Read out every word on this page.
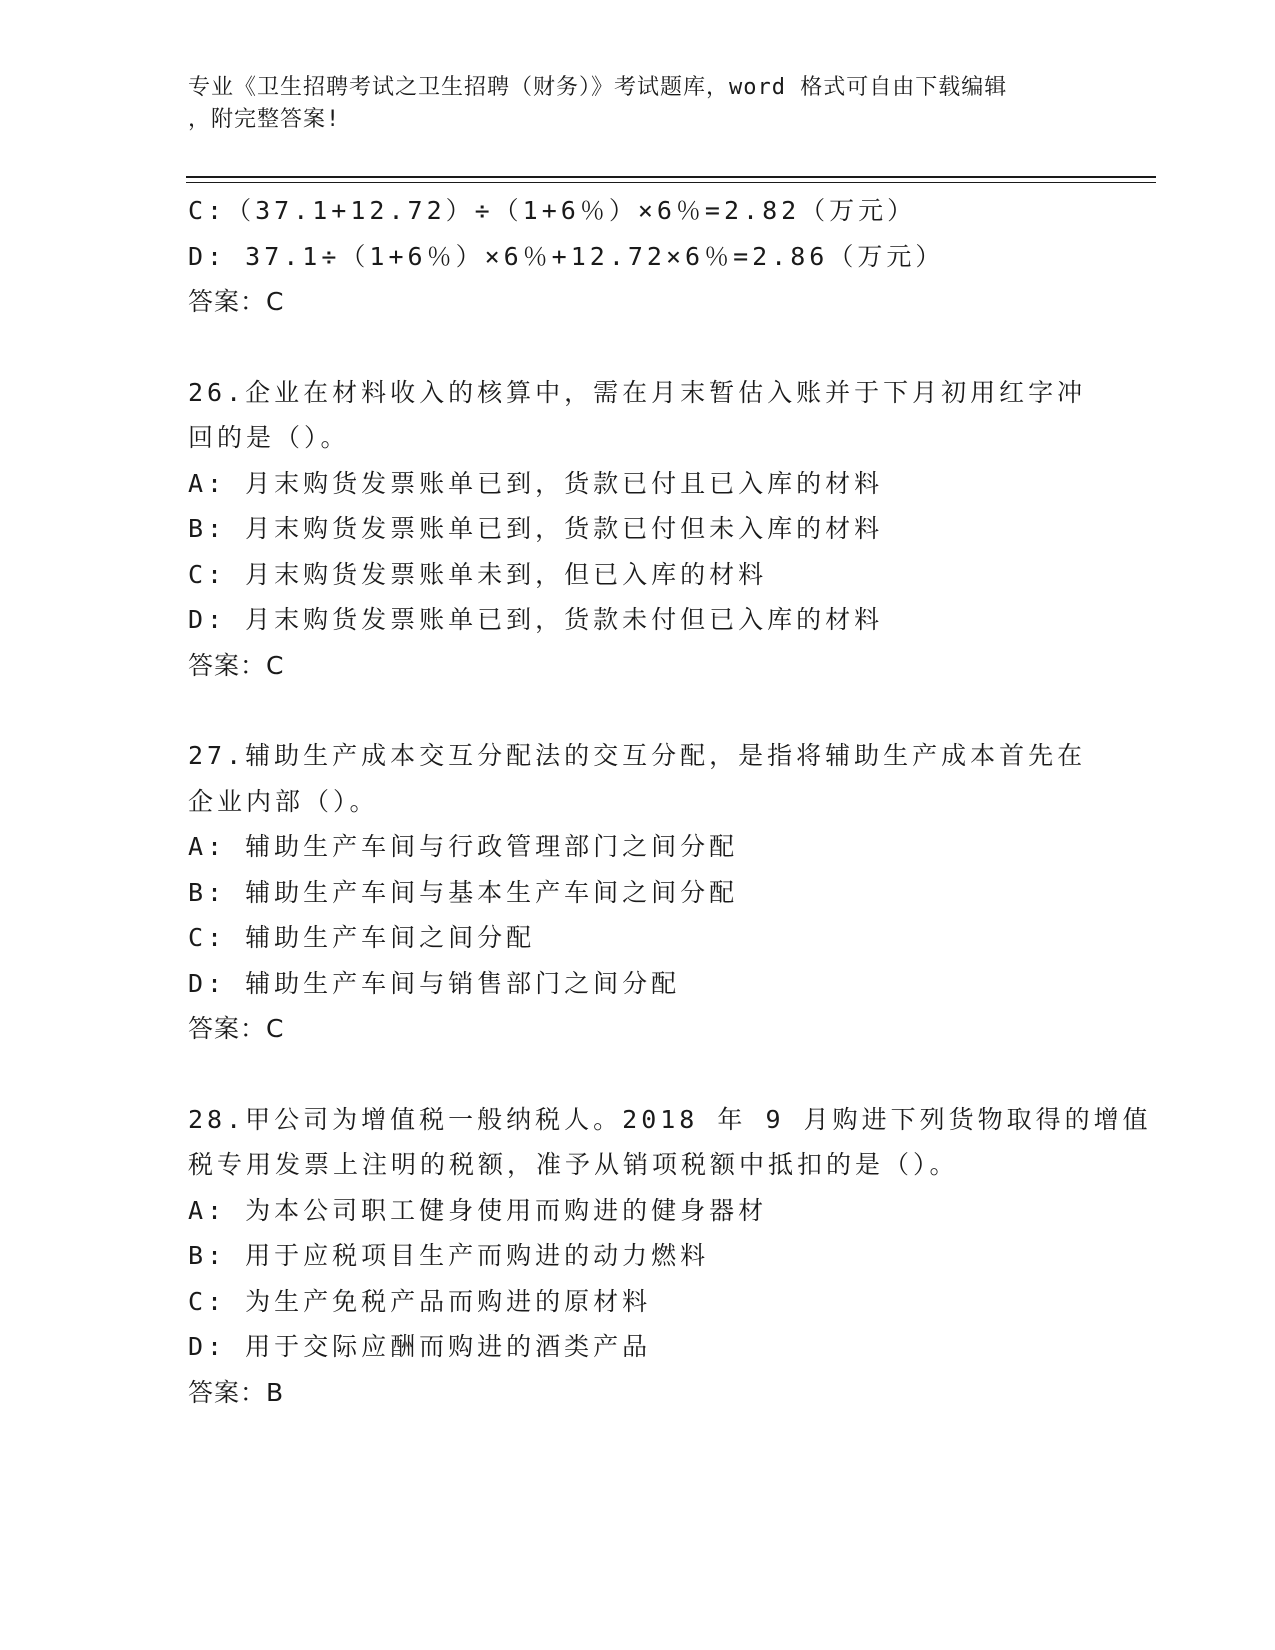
专业《卫生招聘考试之卫生招聘（财务）》考试题库，word 格式可自由下载编辑
，附完整答案!
C:（37.1+12.72）÷（1+6％）×6％=2.82（万元）
D: 37.1÷（1+6％）×6％+12.72×6％=2.86（万元）
答案：C
26.企业在材料收入的核算中，需在月末暂估入账并于下月初用红字冲
回的是（）。
A: 月末购货发票账单已到，货款已付且已入库的材料
B: 月末购货发票账单已到，货款已付但未入库的材料
C: 月末购货发票账单未到，但已入库的材料
D: 月末购货发票账单已到，货款未付但已入库的材料
答案：C
27.辅助生产成本交互分配法的交互分配，是指将辅助生产成本首先在
企业内部（）。
A: 辅助生产车间与行政管理部门之间分配
B: 辅助生产车间与基本生产车间之间分配
C: 辅助生产车间之间分配
D: 辅助生产车间与销售部门之间分配
答案：C
28.甲公司为增值税一般纳税人。2018 年 9 月购进下列货物取得的增值
税专用发票上注明的税额，准予从销项税额中抵扣的是（）。
A: 为本公司职工健身使用而购进的健身器材
B: 用于应税项目生产而购进的动力燃料
C: 为生产免税产品而购进的原材料
D: 用于交际应酬而购进的酒类产品
答案：B
